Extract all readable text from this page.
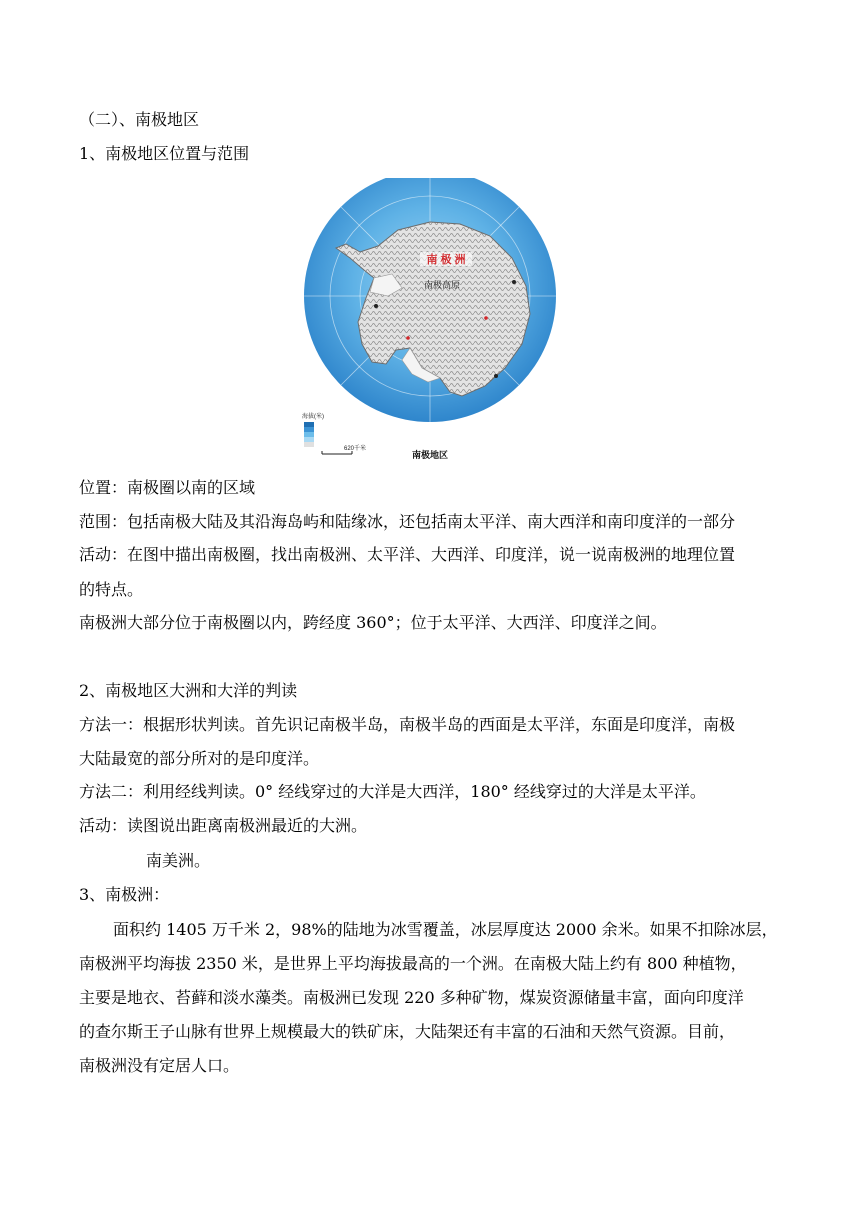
（二）、南极地区
1、南极地区位置与范围
南 极 洲
南极高原
海拔(米)
620千米
南极地区
位置：南极圈以南的区域
范围：包括南极大陆及其沿海岛屿和陆缘冰，还包括南太平洋、南大西洋和南印度洋的一部分
活动：在图中描出南极圈，找出南极洲、太平洋、大西洋、印度洋，说一说南极洲的地理位置
的特点。
南极洲大部分位于南极圈以内，跨经度 360°；位于太平洋、大西洋、印度洋之间。
2、南极地区大洲和大洋的判读
方法一：根据形状判读。首先识记南极半岛，南极半岛的西面是太平洋，东面是印度洋，南极
大陆最宽的部分所对的是印度洋。
方法二：利用经线判读。0° 经线穿过的大洋是大西洋，180° 经线穿过的大洋是太平洋。
活动：读图说出距离南极洲最近的大洲。
南美洲。
3、南极洲：
面积约 1405 万千米 2，98%的陆地为冰雪覆盖，冰层厚度达 2000 余米。如果不扣除冰层，
南极洲平均海拔 2350 米，是世界上平均海拔最高的一个洲。在南极大陆上约有 800 种植物，
主要是地衣、苔藓和淡水藻类。南极洲已发现 220 多种矿物，煤炭资源储量丰富，面向印度洋
的查尔斯王子山脉有世界上规模最大的铁矿床，大陆架还有丰富的石油和天然气资源。目前，
南极洲没有定居人口。
